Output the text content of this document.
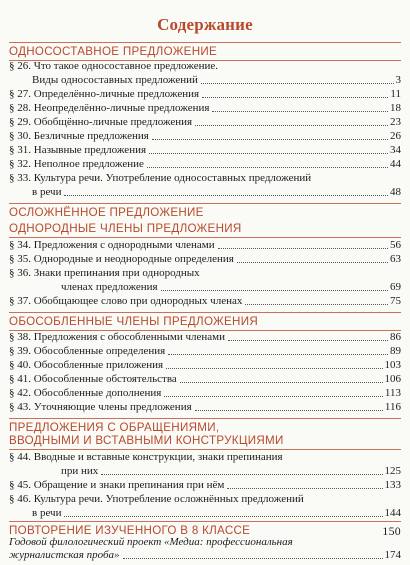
Содержание
ОДНОСОСТАВНОЕ ПРЕДЛОЖЕНИЕ
§ 26. Что такое односоставное предложение.
Виды односоставных предложений	3
§ 27. Определённо-личные предложения	11
§ 28. Неопределённо-личные предложения	18
§ 29. Обобщённо-личные предложения	23
§ 30. Безличные предложения	26
§ 31. Назывные предложения	34
§ 32. Неполное предложение	44
§ 33. Культура речи. Употребление односоставных предложений
в речи	48
ОСЛОЖНЁННОЕ ПРЕДЛОЖЕНИЕ
ОДНОРОДНЫЕ ЧЛЕНЫ ПРЕДЛОЖЕНИЯ
§ 34. Предложения с однородными членами	56
§ 35. Однородные и неоднородные определения	63
§ 36. Знаки препинания при однородных
членах предложения	69
§ 37. Обобщающее слово при однородных членах	75
ОБОСОБЛЕННЫЕ ЧЛЕНЫ ПРЕДЛОЖЕНИЯ
§ 38. Предложения с обособленными членами	86
§ 39. Обособленные определения	89
§ 40. Обособленные приложения	103
§ 41. Обособленные обстоятельства	106
§ 42. Обособленные дополнения	113
§ 43. Уточняющие члены предложения	116
ПРЕДЛОЖЕНИЯ С ОБРАЩЕНИЯМИ,
ВВОДНЫМИ И ВСТАВНЫМИ КОНСТРУКЦИЯМИ
§ 44. Вводные и вставные конструкции, знаки препинания
при них	125
§ 45. Обращение и знаки препинания при нём	133
§ 46. Культура речи. Употребление осложнённых предложений
в речи	144
ПОВТОРЕНИЕ ИЗУЧЕННОГО В 8 КЛАССЕ	150
Годовой филологический проект «Медиа: профессиональная
журналистская проба»	174
